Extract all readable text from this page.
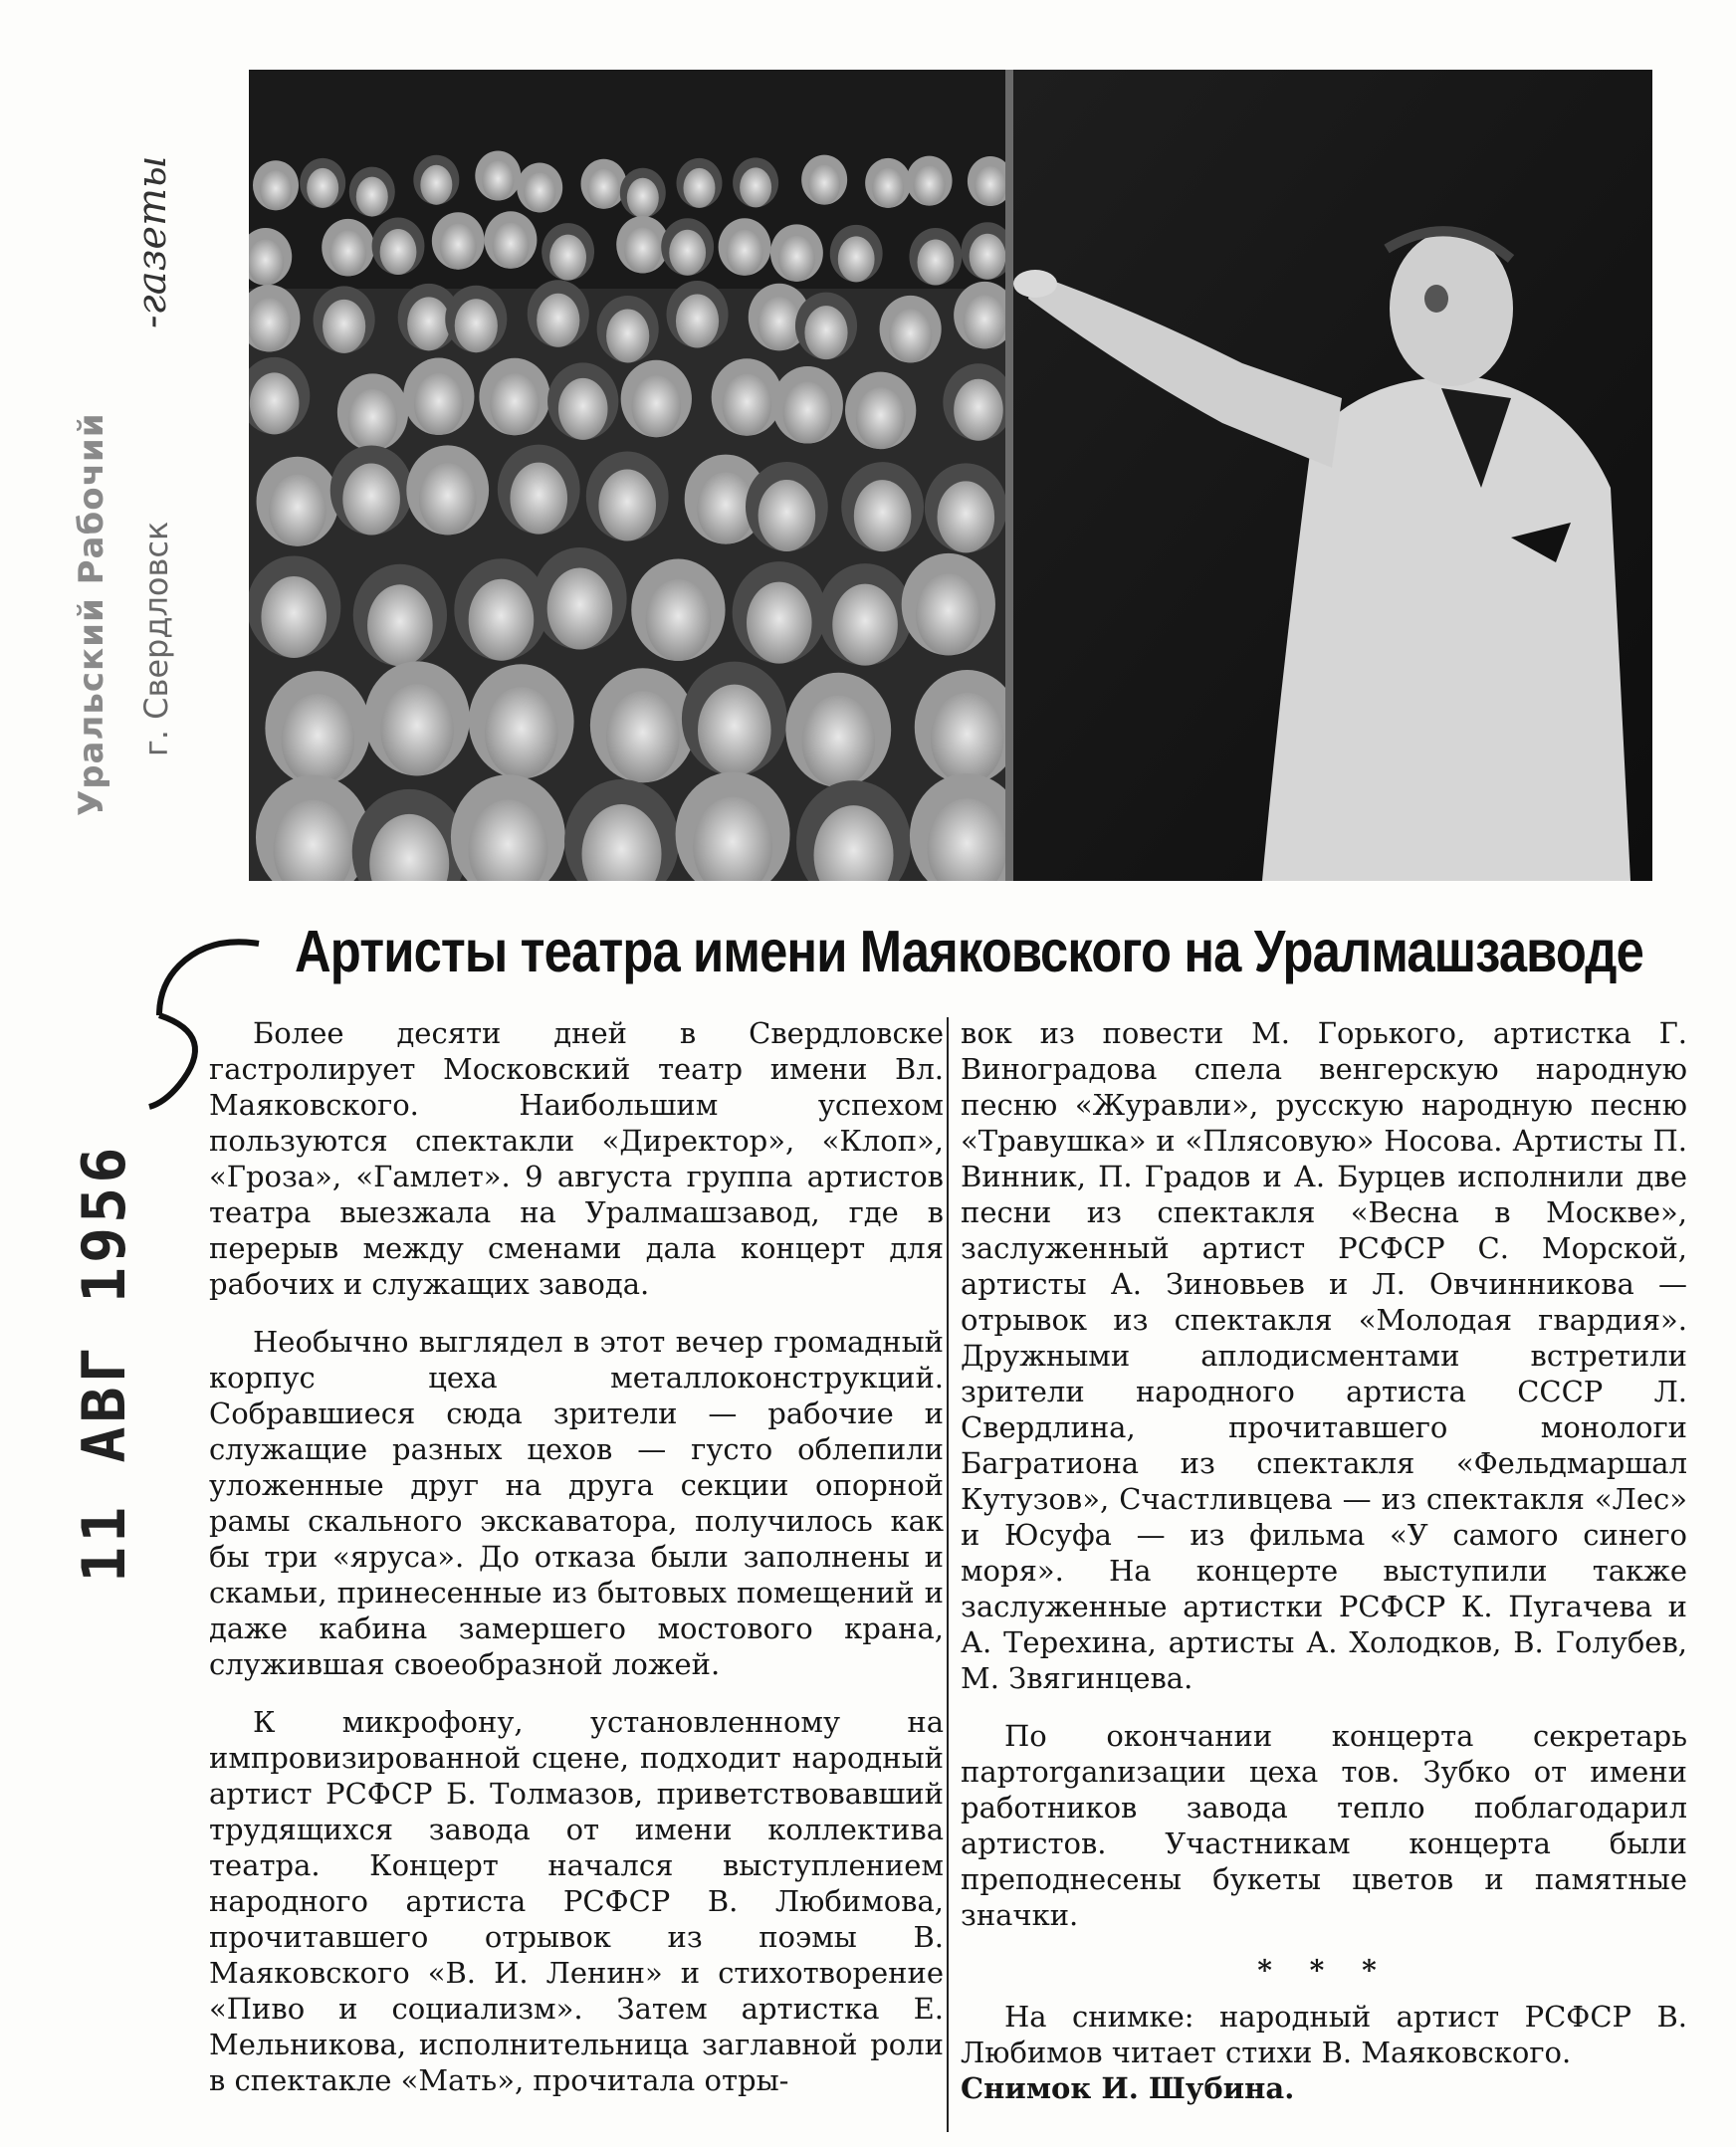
Уральский Рабочий г. Свердловск
11 АВГ 1956
-газеты
Артисты театра имени Маяковского на Уралмашзаводе

Более десяти дней в Свердловске гастролирует Московский театр имени Вл. Маяковского. Наибольшим успехом пользуются спектакли «Директор», «Клоп», «Гроза», «Гамлет». 9 августа группа артистов театра выезжала на Уралмашзавод, где в перерыв между сменами дала концерт для рабочих и служащих завода.

Необычно выглядел в этот вечер громадный корпус цеха металлоконструкций. Собравшиеся сюда зрители — рабочие и служащие разных цехов — густо облепили уложенные друг на друга секции опорной рамы скального экскаватора, получилось как бы три «яруса». До отказа были заполнены и скамьи, принесенные из бытовых помещений и даже кабина замершего мостового крана, служившая своеобразной ложей.

К микрофону, установленному на импровизированной сцене, подходит народный артист РСФСР Б. Толмазов, приветствовавший трудящихся завода от имени коллектива театра. Концерт начался выступлением народного артиста РСФСР В. Любимова, прочитавшего отрывок из поэмы В. Маяковского «В. И. Ленин» и стихотворение «Пиво и социализм». Затем артистка Е. Мельникова, исполнительница заглавной роли в спектакле «Мать», прочитала отры-

вок из повести М. Горького, артистка Г. Виноградова спела венгерскую народную песню «Журавли», русскую народную песню «Травушка» и «Плясовую» Носова. Артисты П. Винник, П. Градов и А. Бурцев исполнили две песни из спектакля «Весна в Москве», заслуженный артист РСФСР С. Морской, артисты А. Зиновьев и Л. Овчинникова — отрывок из спектакля «Молодая гвардия». Дружными аплодисментами встретили зрители народного артиста СССР Л. Свердлина, прочитавшего монологи Багратиона из спектакля «Фельдмаршал Кутузов», Счастливцева — из спектакля «Лес» и Юсуфа — из фильма «У самого синего моря». На концерте выступили также заслуженные артистки РСФСР К. Пугачева и А. Терехина, артисты А. Холодков, В. Голубев, М. Звягинцева.

По окончании концерта секретарь партorganизации цеха тов. Зубко от имени работников завода тепло поблагодарил артистов. Участникам концерта были преподнесены букеты цветов и памятные значки.

* * *

На снимке: народный артист РСФСР В. Любимов читает стихи В. Маяковского.

Снимок И. Шубина.
